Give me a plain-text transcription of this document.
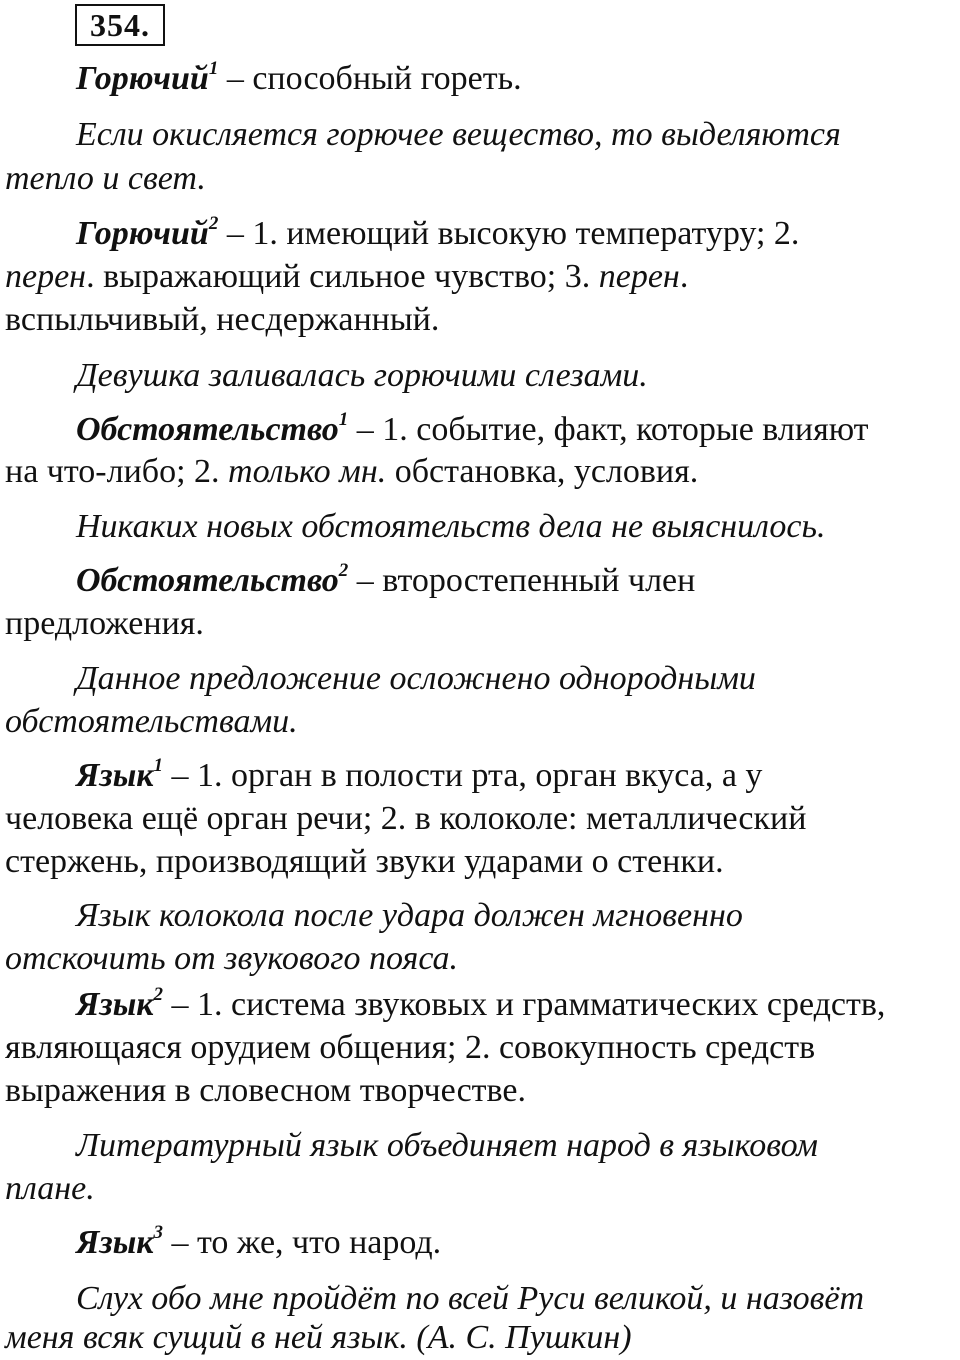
354.

Горючий$^1$ – способный гореть.

Если окисляется горючее вещество, то выделяются

тепло и свет.

Горючий$^2$ – 1. имеющий высокую температуру; 2.

перен. выражающий сильное чувство; 3. перен.

вспыльчивый, несдержанный.

Девушка заливалась горючими слезами.

Обстоятельство$^1$ – 1. событие, факт, которые влияют

на что-либо; 2. только мн. обстановка, условия.

Никаких новых обстоятельств дела не выяснилось.

Обстоятельство$^2$ – второстепенный член

предложения.

Данное предложение осложнено однородными

обстоятельствами.

Язык$^1$ – 1. орган в полости рта, орган вкуса, а у

человека ещё орган речи; 2. в колоколе: металлический

стержень, производящий звуки ударами о стенки.

Язык колокола после удара должен мгновенно

отскочить от звукового пояса.

Язык$^2$ – 1. система звуковых и грамматических средств,

являющаяся орудием общения; 2. совокупность средств

выражения в словесном творчестве.

Литературный язык объединяет народ в языковом

плане.

Язык$^3$ – то же, что народ.

Слух обо мне пройдёт по всей Руси великой, и назовёт

меня всяк сущий в ней язык. (А. С. Пушкин)
